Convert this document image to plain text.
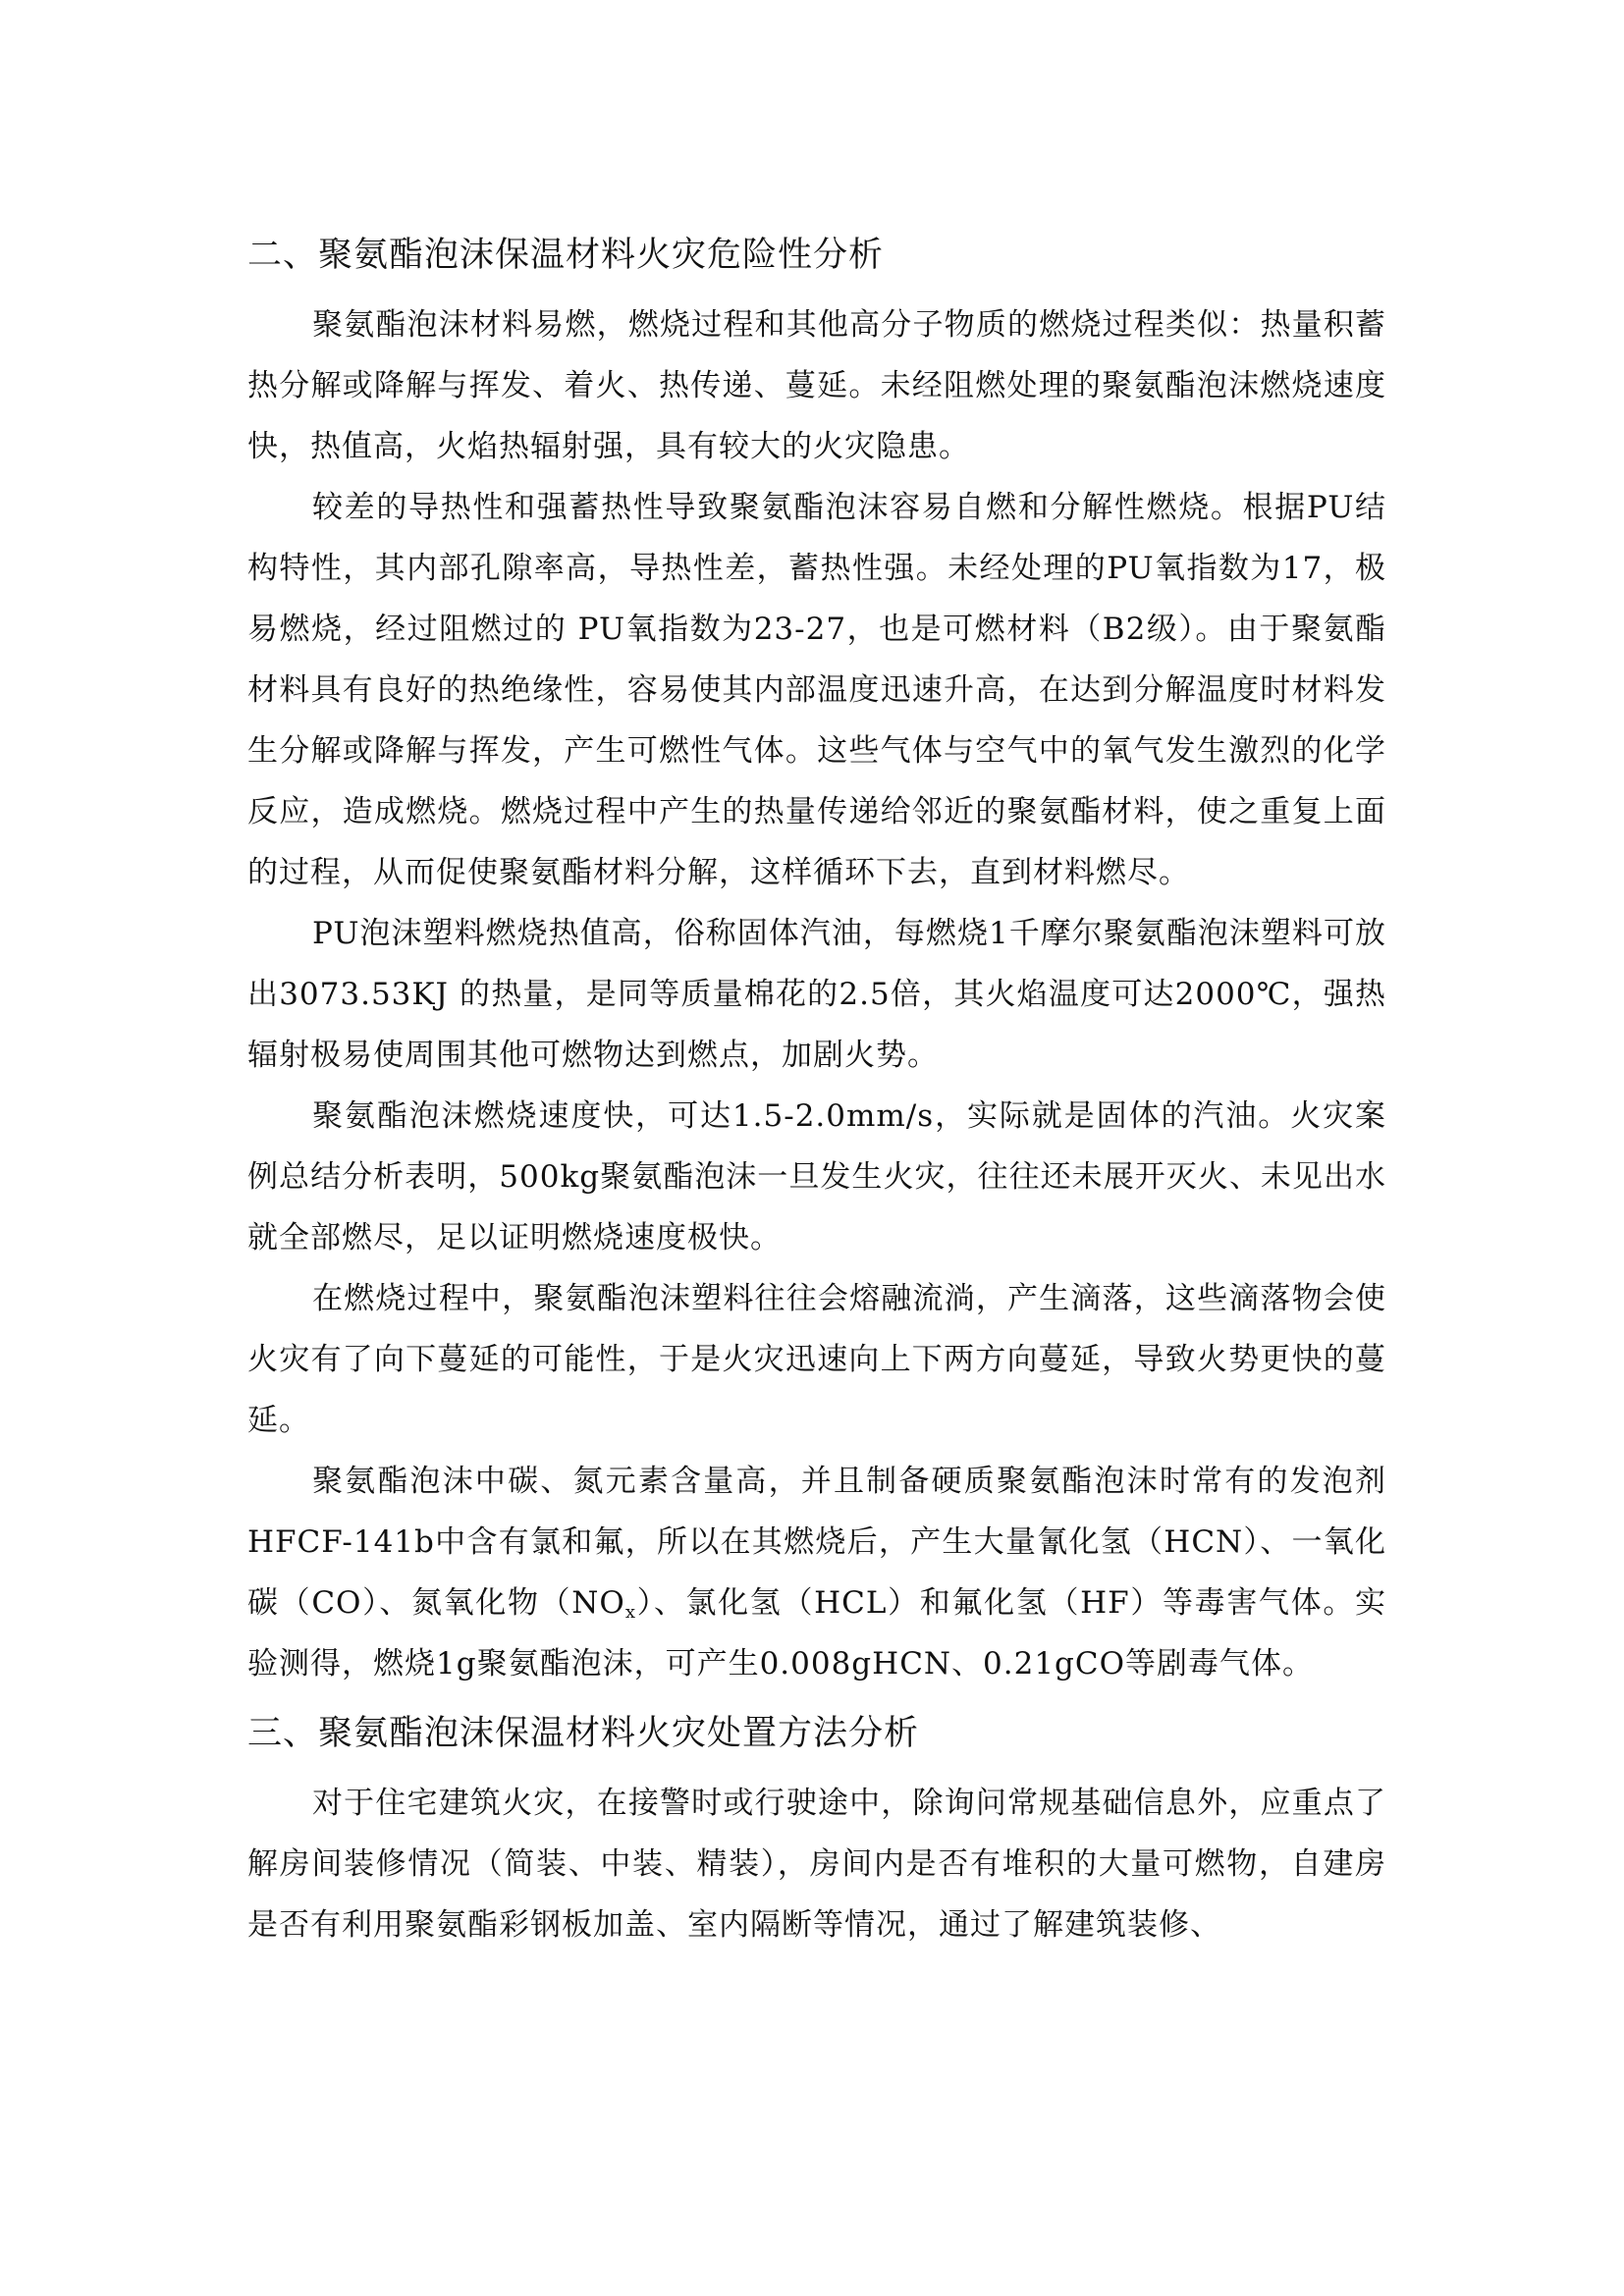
二、聚氨酯泡沫保温材料火灾危险性分析

聚氨酯泡沫材料易燃，燃烧过程和其他高分子物质的燃烧过程类似：热量积蓄热分解或降解与挥发、着火、热传递、蔓延。未经阻燃处理的聚氨酯泡沫燃烧速度快，热值高，火焰热辐射强，具有较大的火灾隐患。

较差的导热性和强蓄热性导致聚氨酯泡沫容易自燃和分解性燃烧。根据PU结构特性，其内部孔隙率高，导热性差，蓄热性强。未经处理的PU氧指数为17，极易燃烧，经过阻燃过的 PU氧指数为23-27，也是可燃材料（B2级）。由于聚氨酯材料具有良好的热绝缘性，容易使其内部温度迅速升高，在达到分解温度时材料发生分解或降解与挥发，产生可燃性气体。这些气体与空气中的氧气发生激烈的化学反应，造成燃烧。燃烧过程中产生的热量传递给邻近的聚氨酯材料，使之重复上面的过程，从而促使聚氨酯材料分解，这样循环下去，直到材料燃尽。

PU泡沫塑料燃烧热值高，俗称固体汽油，每燃烧1千摩尔聚氨酯泡沫塑料可放出3073.53KJ 的热量，是同等质量棉花的2.5倍，其火焰温度可达2000℃，强热辐射极易使周围其他可燃物达到燃点，加剧火势。

聚氨酯泡沫燃烧速度快，可达1.5-2.0mm/s，实际就是固体的汽油。火灾案例总结分析表明，500kg聚氨酯泡沫一旦发生火灾，往往还未展开灭火、未见出水就全部燃尽，足以证明燃烧速度极快。

在燃烧过程中，聚氨酯泡沫塑料往往会熔融流淌，产生滴落，这些滴落物会使火灾有了向下蔓延的可能性，于是火灾迅速向上下两方向蔓延，导致火势更快的蔓延。

聚氨酯泡沫中碳、氮元素含量高，并且制备硬质聚氨酯泡沫时常有的发泡剂 HFCF-141b中含有氯和氟，所以在其燃烧后，产生大量氰化氢（HCN）、一氧化碳（CO）、氮氧化物$(NO_x)$、氯化氢（HCL）和氟化氢（HF）等毒害气体。实验测得，燃烧1g聚氨酯泡沫，可产生0.008gHCN、0.21gCO等剧毒气体。

三、聚氨酯泡沫保温材料火灾处置方法分析

对于住宅建筑火灾，在接警时或行驶途中，除询问常规基础信息外，应重点了解房间装修情况（简装、中装、精装），房间内是否有堆积的大量可燃物，自建房是否有利用聚氨酯彩钢板加盖、室内隔断等情况，通过了解建筑装修、
